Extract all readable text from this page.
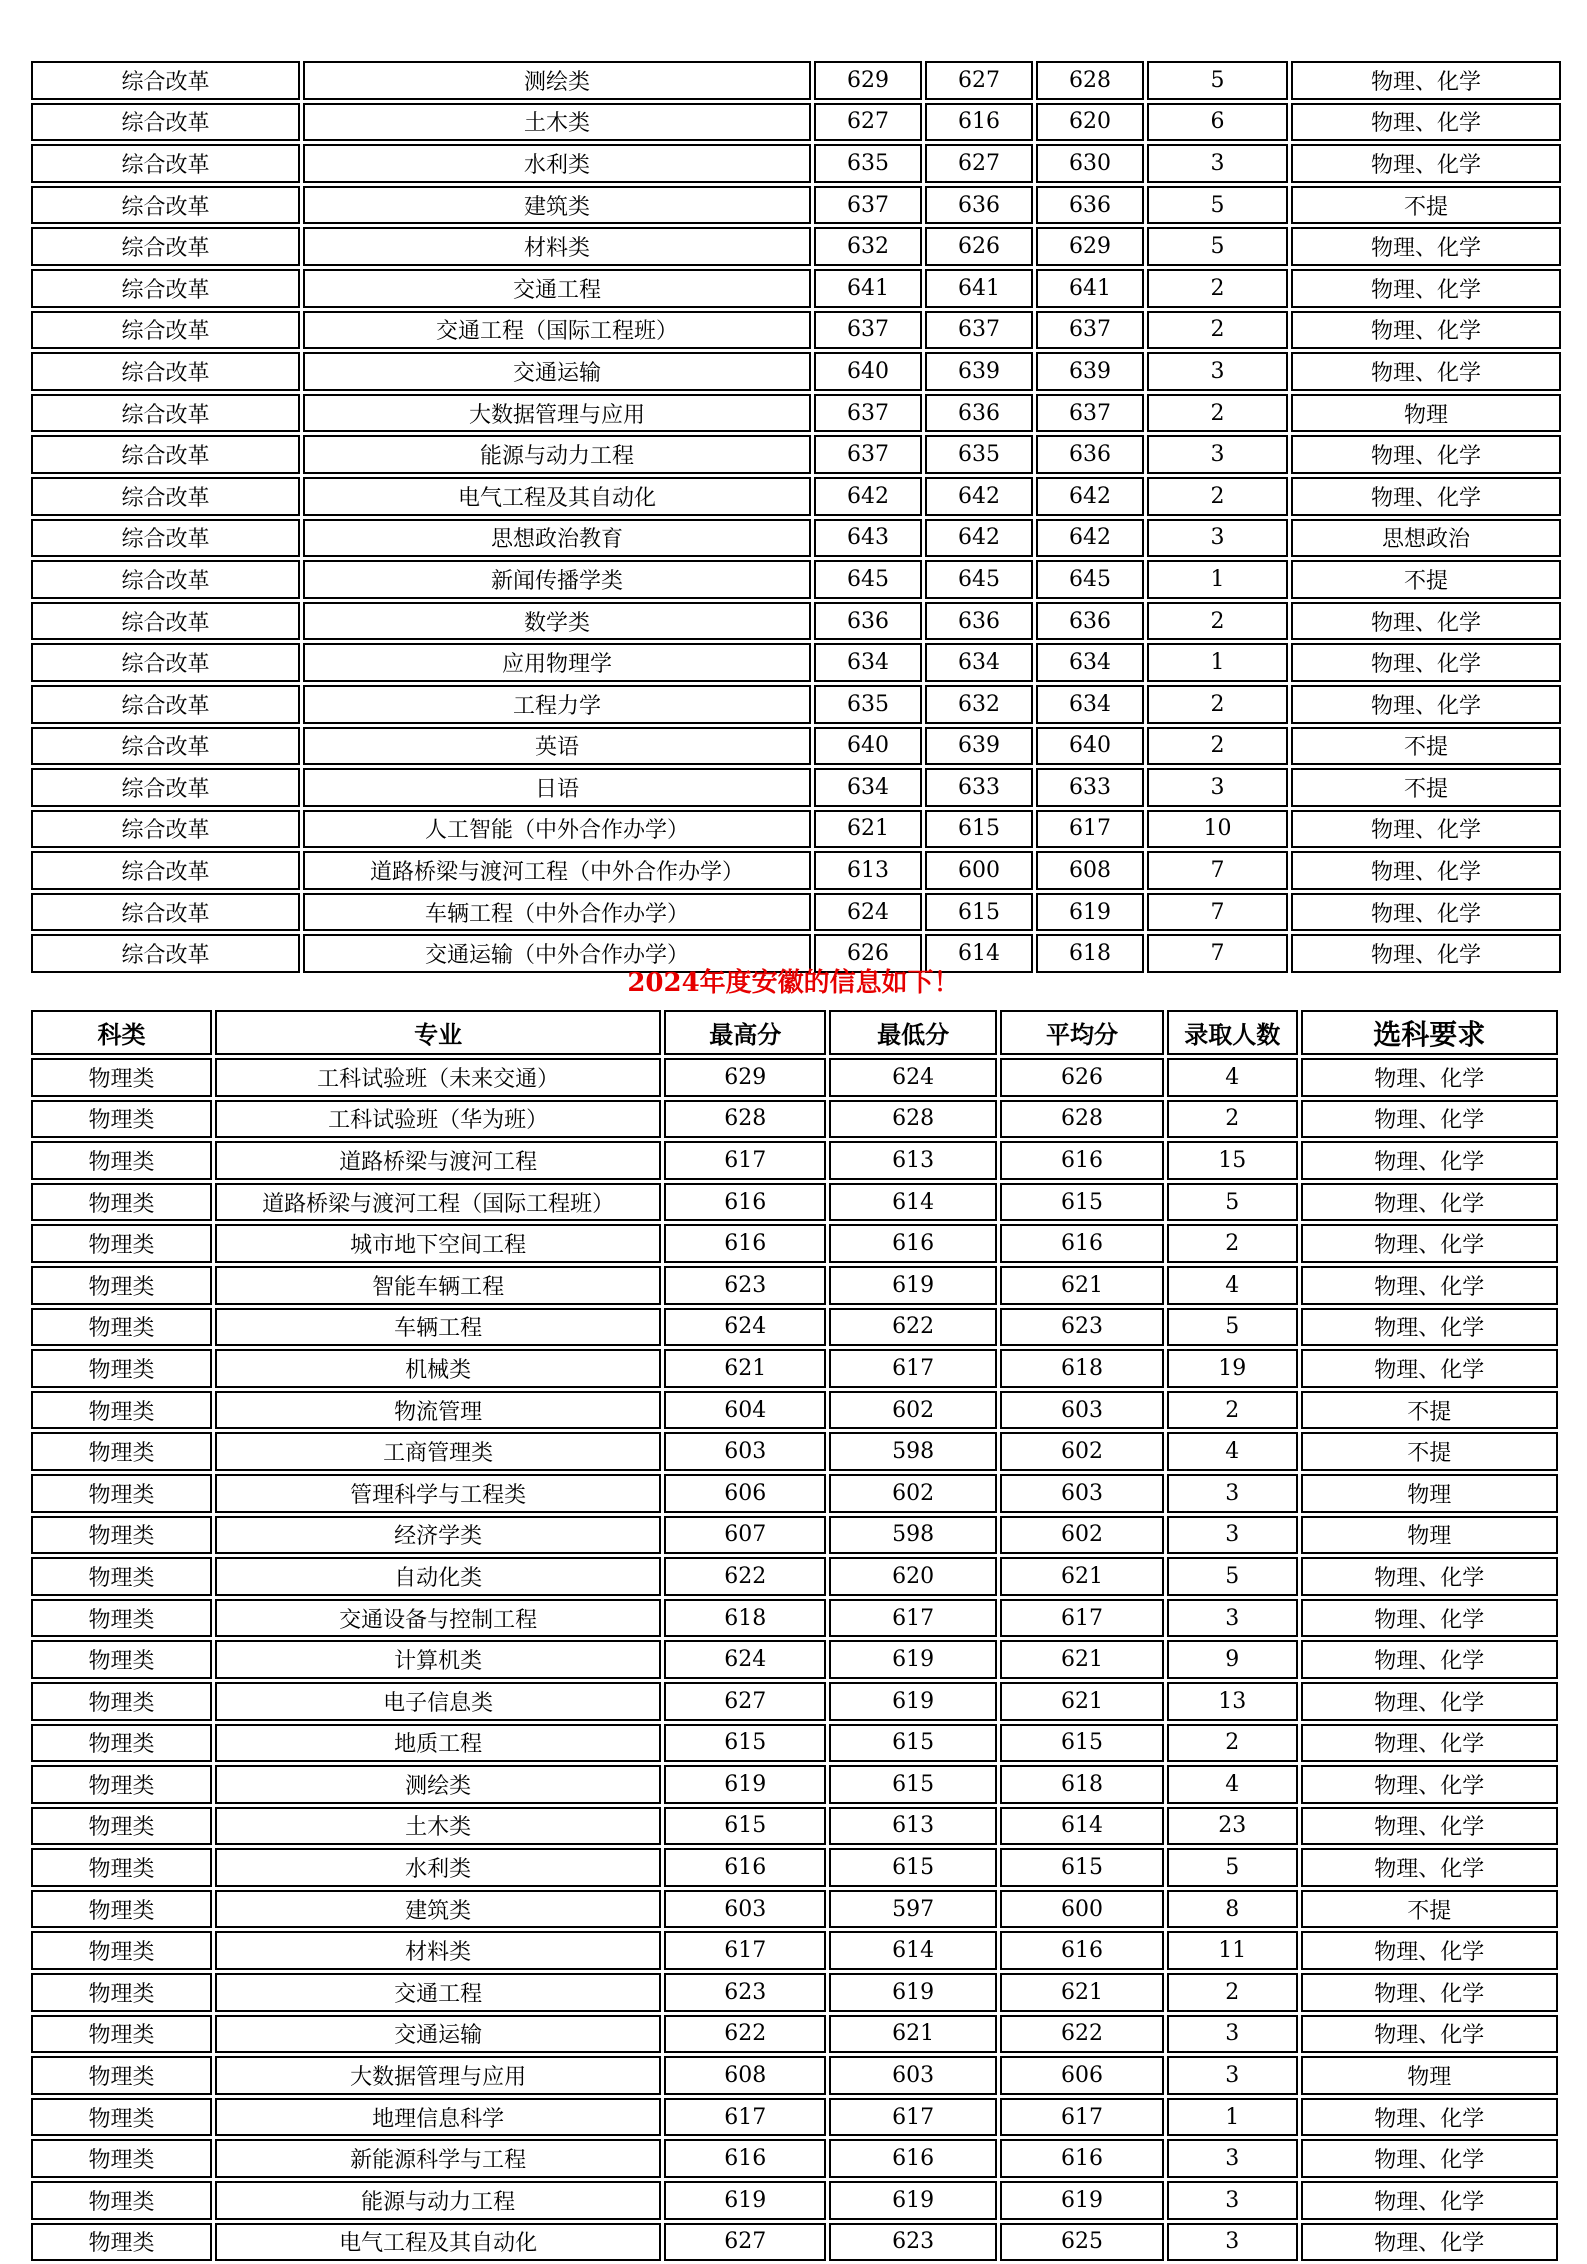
综合改革	测绘类	629	627	628	5	物理、化学
综合改革	土木类	627	616	620	6	物理、化学
综合改革	水利类	635	627	630	3	物理、化学
综合改革	建筑类	637	636	636	5	不提
综合改革	材料类	632	626	629	5	物理、化学
综合改革	交通工程	641	641	641	2	物理、化学
综合改革	交通工程（国际工程班）	637	637	637	2	物理、化学
综合改革	交通运输	640	639	639	3	物理、化学
综合改革	大数据管理与应用	637	636	637	2	物理
综合改革	能源与动力工程	637	635	636	3	物理、化学
综合改革	电气工程及其自动化	642	642	642	2	物理、化学
综合改革	思想政治教育	643	642	642	3	思想政治
综合改革	新闻传播学类	645	645	645	1	不提
综合改革	数学类	636	636	636	2	物理、化学
综合改革	应用物理学	634	634	634	1	物理、化学
综合改革	工程力学	635	632	634	2	物理、化学
综合改革	英语	640	639	640	2	不提
综合改革	日语	634	633	633	3	不提
综合改革	人工智能（中外合作办学）	621	615	617	10	物理、化学
综合改革	道路桥梁与渡河工程（中外合作办学）	613	600	608	7	物理、化学
综合改革	车辆工程（中外合作办学）	624	615	619	7	物理、化学
综合改革	交通运输（中外合作办学）	626	614	618	7	物理、化学
2024年度安徽的信息如下！
科类	专业	最高分	最低分	平均分	录取人数	选科要求
物理类	工科试验班（未来交通）	629	624	626	4	物理、化学
物理类	工科试验班（华为班）	628	628	628	2	物理、化学
物理类	道路桥梁与渡河工程	617	613	616	15	物理、化学
物理类	道路桥梁与渡河工程（国际工程班）	616	614	615	5	物理、化学
物理类	城市地下空间工程	616	616	616	2	物理、化学
物理类	智能车辆工程	623	619	621	4	物理、化学
物理类	车辆工程	624	622	623	5	物理、化学
物理类	机械类	621	617	618	19	物理、化学
物理类	物流管理	604	602	603	2	不提
物理类	工商管理类	603	598	602	4	不提
物理类	管理科学与工程类	606	602	603	3	物理
物理类	经济学类	607	598	602	3	物理
物理类	自动化类	622	620	621	5	物理、化学
物理类	交通设备与控制工程	618	617	617	3	物理、化学
物理类	计算机类	624	619	621	9	物理、化学
物理类	电子信息类	627	619	621	13	物理、化学
物理类	地质工程	615	615	615	2	物理、化学
物理类	测绘类	619	615	618	4	物理、化学
物理类	土木类	615	613	614	23	物理、化学
物理类	水利类	616	615	615	5	物理、化学
物理类	建筑类	603	597	600	8	不提
物理类	材料类	617	614	616	11	物理、化学
物理类	交通工程	623	619	621	2	物理、化学
物理类	交通运输	622	621	622	3	物理、化学
物理类	大数据管理与应用	608	603	606	3	物理
物理类	地理信息科学	617	617	617	1	物理、化学
物理类	新能源科学与工程	616	616	616	3	物理、化学
物理类	能源与动力工程	619	619	619	3	物理、化学
物理类	电气工程及其自动化	627	623	625	3	物理、化学
